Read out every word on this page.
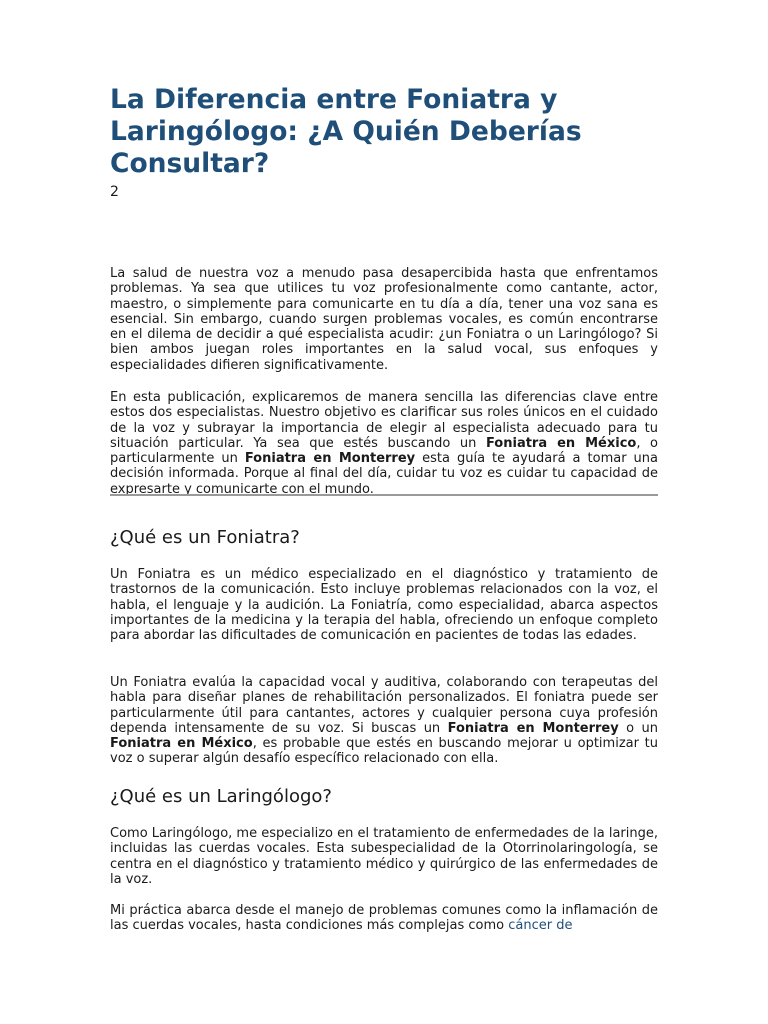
La Diferencia entre Foniatra y Laringólogo: ¿A Quién Deberías Consultar?
2

La salud de nuestra voz a menudo pasa desapercibida hasta que enfrentamos problemas. Ya sea que utilices tu voz profesionalmente como cantante, actor, maestro, o simplemente para comunicarte en tu día a día, tener una voz sana es esencial. Sin embargo, cuando surgen problemas vocales, es común encontrarse en el dilema de decidir a qué especialista acudir: ¿un Foniatra o un Laringólogo? Si bien ambos juegan roles importantes en la salud vocal, sus enfoques y especialidades difieren significativamente.

En esta publicación, explicaremos de manera sencilla las diferencias clave entre estos dos especialistas. Nuestro objetivo es clarificar sus roles únicos en el cuidado de la voz y subrayar la importancia de elegir al especialista adecuado para tu situación particular. Ya sea que estés buscando un Foniatra en México, o particularmente un Foniatra en Monterrey esta guía te ayudará a tomar una decisión informada. Porque al final del día, cuidar tu voz es cuidar tu capacidad de expresarte y comunicarte con el mundo.

¿Qué es un Foniatra?

Un Foniatra es un médico especializado en el diagnóstico y tratamiento de trastornos de la comunicación. Esto incluye problemas relacionados con la voz, el habla, el lenguaje y la audición. La Foniatría, como especialidad, abarca aspectos importantes de la medicina y la terapia del habla, ofreciendo un enfoque completo para abordar las dificultades de comunicación en pacientes de todas las edades.

Un Foniatra evalúa la capacidad vocal y auditiva, colaborando con terapeutas del habla para diseñar planes de rehabilitación personalizados. El foniatra puede ser particularmente útil para cantantes, actores y cualquier persona cuya profesión dependa intensamente de su voz. Si buscas un Foniatra en Monterrey o un Foniatra en México, es probable que estés en buscando mejorar u optimizar tu voz o superar algún desafío específico relacionado con ella.

¿Qué es un Laringólogo?

Como Laringólogo, me especializo en el tratamiento de enfermedades de la laringe, incluidas las cuerdas vocales. Esta subespecialidad de la Otorrinolaringología, se centra en el diagnóstico y tratamiento médico y quirúrgico de las enfermedades de la voz.

Mi práctica abarca desde el manejo de problemas comunes como la inflamación de las cuerdas vocales, hasta condiciones más complejas como cáncer de
